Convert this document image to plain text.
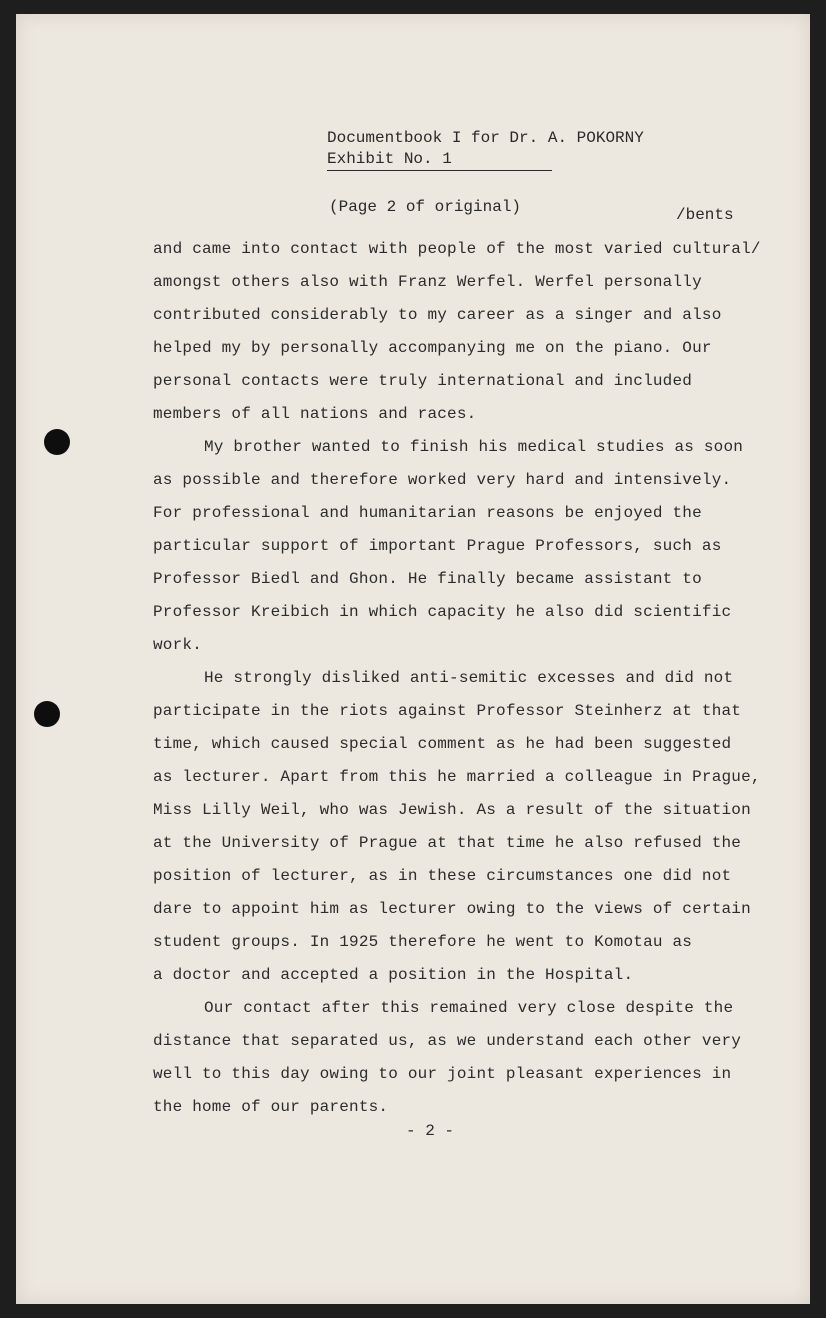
Documentbook I for Dr. A. POKORNY
Exhibit No. 1
(Page 2 of original)	/bents
and came into contact with people of the most varied cultural/
amongst others also with Franz Werfel. Werfel personally
contributed considerably to my career as a singer and also
helped my by personally accompanying me on the piano. Our
personal contacts were truly international and included
members of all nations and races.
My brother wanted to finish his medical studies as soon
as possible and therefore worked very hard and intensively.
For professional and humanitarian reasons be enjoyed the
particular support of important Prague Professors, such as
Professor Biedl and Ghon. He finally became assistant to
Professor Kreibich in which capacity he also did scientific
work.
He strongly disliked anti-semitic excesses and did not
participate in the riots against Professor Steinherz at that
time, which caused special comment as he had been suggested
as lecturer. Apart from this he married a colleague in Prague,
Miss Lilly Weil, who was Jewish. As a result of the situation
at the University of Prague at that time he also refused the
position of lecturer, as in these circumstances one did not
dare to appoint him as lecturer owing to the views of certain
student groups. In 1925 therefore he went to Komotau as
a doctor and accepted a position in the Hospital.
Our contact after this remained very close despite the
distance that separated us, as we understand each other very
well to this day owing to our joint pleasant experiences in
the home of our parents.
- 2 -
